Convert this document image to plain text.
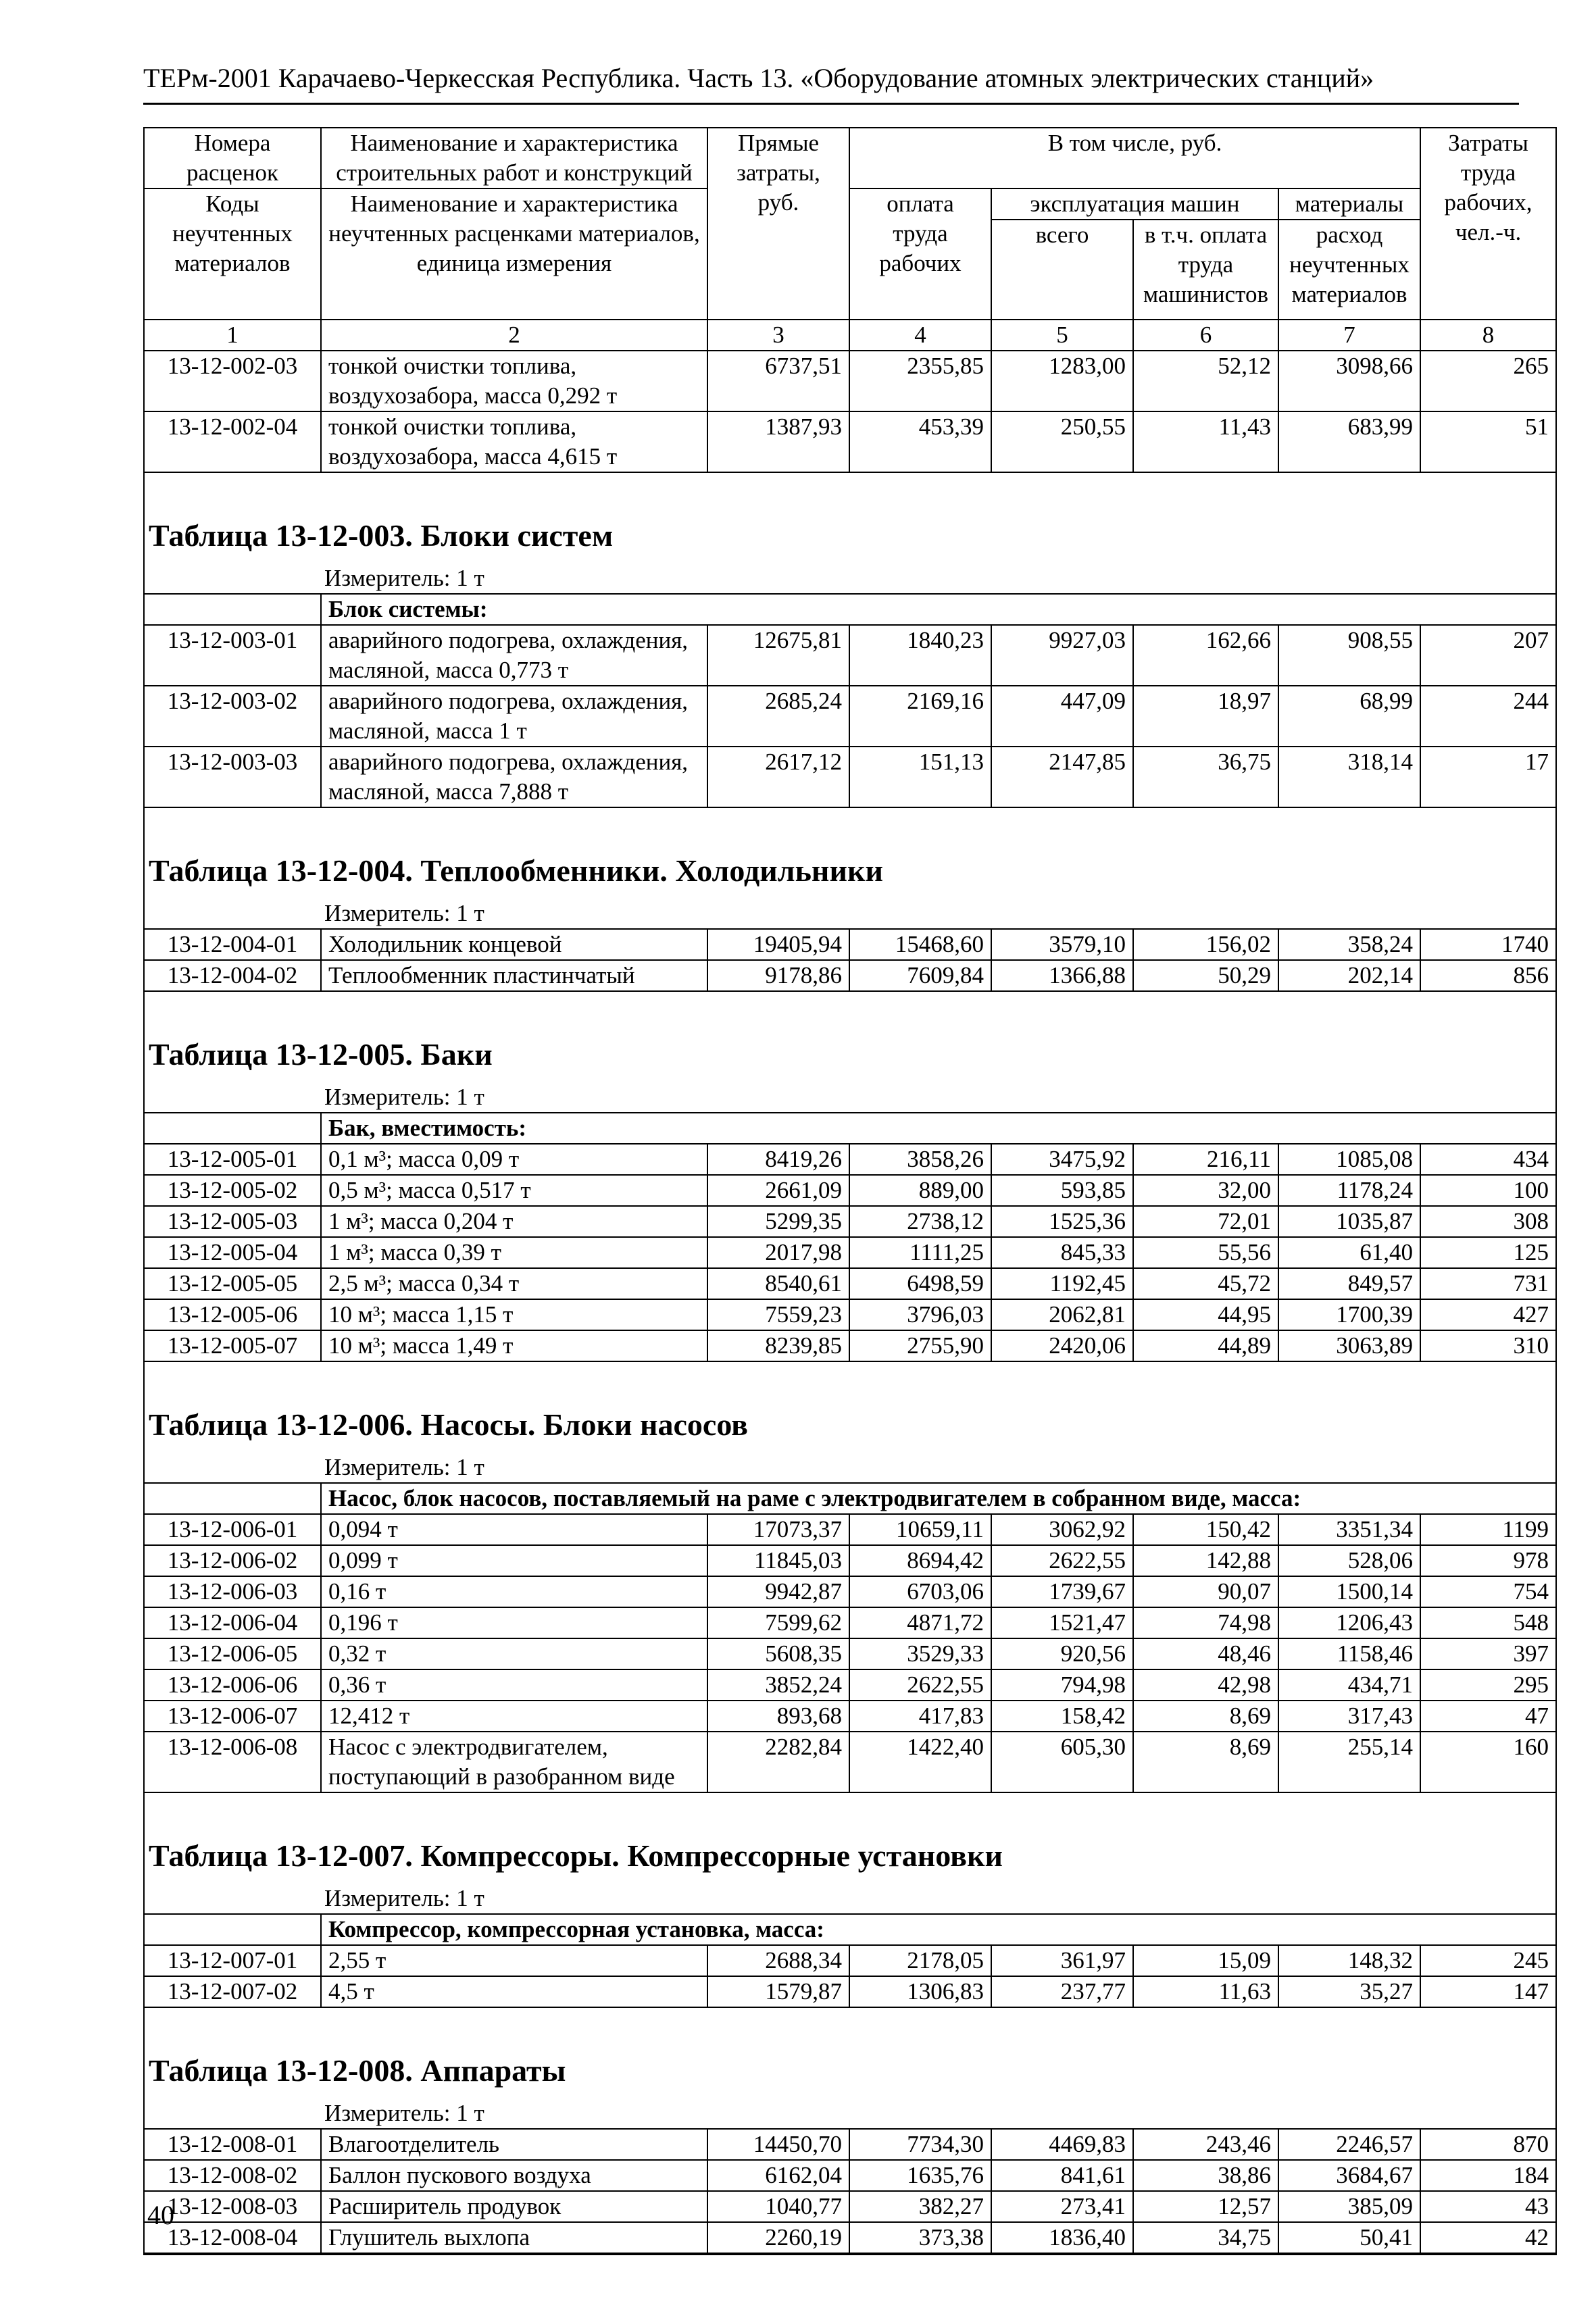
ТЕРм-2001 Карачаево-Черкесская Республика. Часть 13. «Оборудование атомных электрических станций»
Номера расценок	Наименование и характеристика строительных работ и конструкций	Прямые затраты, руб.	В том числе, руб.				Затраты труда рабочих, чел.-ч.
Коды неучтенных материалов	Наименование и характеристика неучтенных расценками материалов, единица измерения		оплата труда рабочих	эксплуатация машин		материалы	
				всего	в т.ч. оплата труда машинистов	расход неучтенных материалов	
1	2	3	4	5	6	7	8
13-12-002-03	тонкой очистки топлива, воздухозабора, масса 0,292 т	6737,51	2355,85	1283,00	52,12	3098,66	265
13-12-002-04	тонкой очистки топлива, воздухозабора, масса 4,615 т	1387,93	453,39	250,55	11,43	683,99	51

Таблица 13-12-003. Блоки систем
Измеритель: 1 т							

	Блок системы:						
13-12-003-01	аварийного подогрева, охлаждения, масляной, масса 0,773 т	12675,81	1840,23	9927,03	162,66	908,55	207
13-12-003-02	аварийного подогрева, охлаждения, масляной, масса 1 т	2685,24	2169,16	447,09	18,97	68,99	244
13-12-003-03	аварийного подогрева, охлаждения, масляной, масса 7,888 т	2617,12	151,13	2147,85	36,75	318,14	17

Таблица 13-12-004. Теплообменники. Холодильники
Измеритель: 1 т							

13-12-004-01	Холодильник концевой	19405,94	15468,60	3579,10	156,02	358,24	1740
13-12-004-02	Теплообменник пластинчатый	9178,86	7609,84	1366,88	50,29	202,14	856

Таблица 13-12-005. Баки
Измеритель: 1 т							

	Бак, вместимость:						
13-12-005-01	0,1 м³; масса 0,09 т	8419,26	3858,26	3475,92	216,11	1085,08	434
13-12-005-02	0,5 м³; масса 0,517 т	2661,09	889,00	593,85	32,00	1178,24	100
13-12-005-03	1 м³; масса 0,204 т	5299,35	2738,12	1525,36	72,01	1035,87	308
13-12-005-04	1 м³; масса 0,39 т	2017,98	1111,25	845,33	55,56	61,40	125
13-12-005-05	2,5 м³; масса 0,34 т	8540,61	6498,59	1192,45	45,72	849,57	731
13-12-005-06	10 м³; масса 1,15 т	7559,23	3796,03	2062,81	44,95	1700,39	427
13-12-005-07	10 м³; масса 1,49 т	8239,85	2755,90	2420,06	44,89	3063,89	310

Таблица 13-12-006. Насосы. Блоки насосов
Измеритель: 1 т							

	Насос, блок насосов, поставляемый на раме с электродвигателем в собранном виде, масса:						
13-12-006-01	0,094 т	17073,37	10659,11	3062,92	150,42	3351,34	1199
13-12-006-02	0,099 т	11845,03	8694,42	2622,55	142,88	528,06	978
13-12-006-03	0,16 т	9942,87	6703,06	1739,67	90,07	1500,14	754
13-12-006-04	0,196 т	7599,62	4871,72	1521,47	74,98	1206,43	548
13-12-006-05	0,32 т	5608,35	3529,33	920,56	48,46	1158,46	397
13-12-006-06	0,36 т	3852,24	2622,55	794,98	42,98	434,71	295
13-12-006-07	12,412 т	893,68	417,83	158,42	8,69	317,43	47
13-12-006-08	Насос с электродвигателем, поступающий в разобранном виде	2282,84	1422,40	605,30	8,69	255,14	160

Таблица 13-12-007. Компрессоры. Компрессорные установки
Измеритель: 1 т							

	Компрессор, компрессорная установка, масса:						
13-12-007-01	2,55 т	2688,34	2178,05	361,97	15,09	148,32	245
13-12-007-02	4,5 т	1579,87	1306,83	237,77	11,63	35,27	147

Таблица 13-12-008. Аппараты
Измеритель: 1 т							

13-12-008-01	Влагоотделитель	14450,70	7734,30	4469,83	243,46	2246,57	870
13-12-008-02	Баллон пускового воздуха	6162,04	1635,76	841,61	38,86	3684,67	184
13-12-008-03	Расширитель продувок	1040,77	382,27	273,41	12,57	385,09	43
13-12-008-04	Глушитель выхлопа	2260,19	373,38	1836,40	34,75	50,41	42

40
